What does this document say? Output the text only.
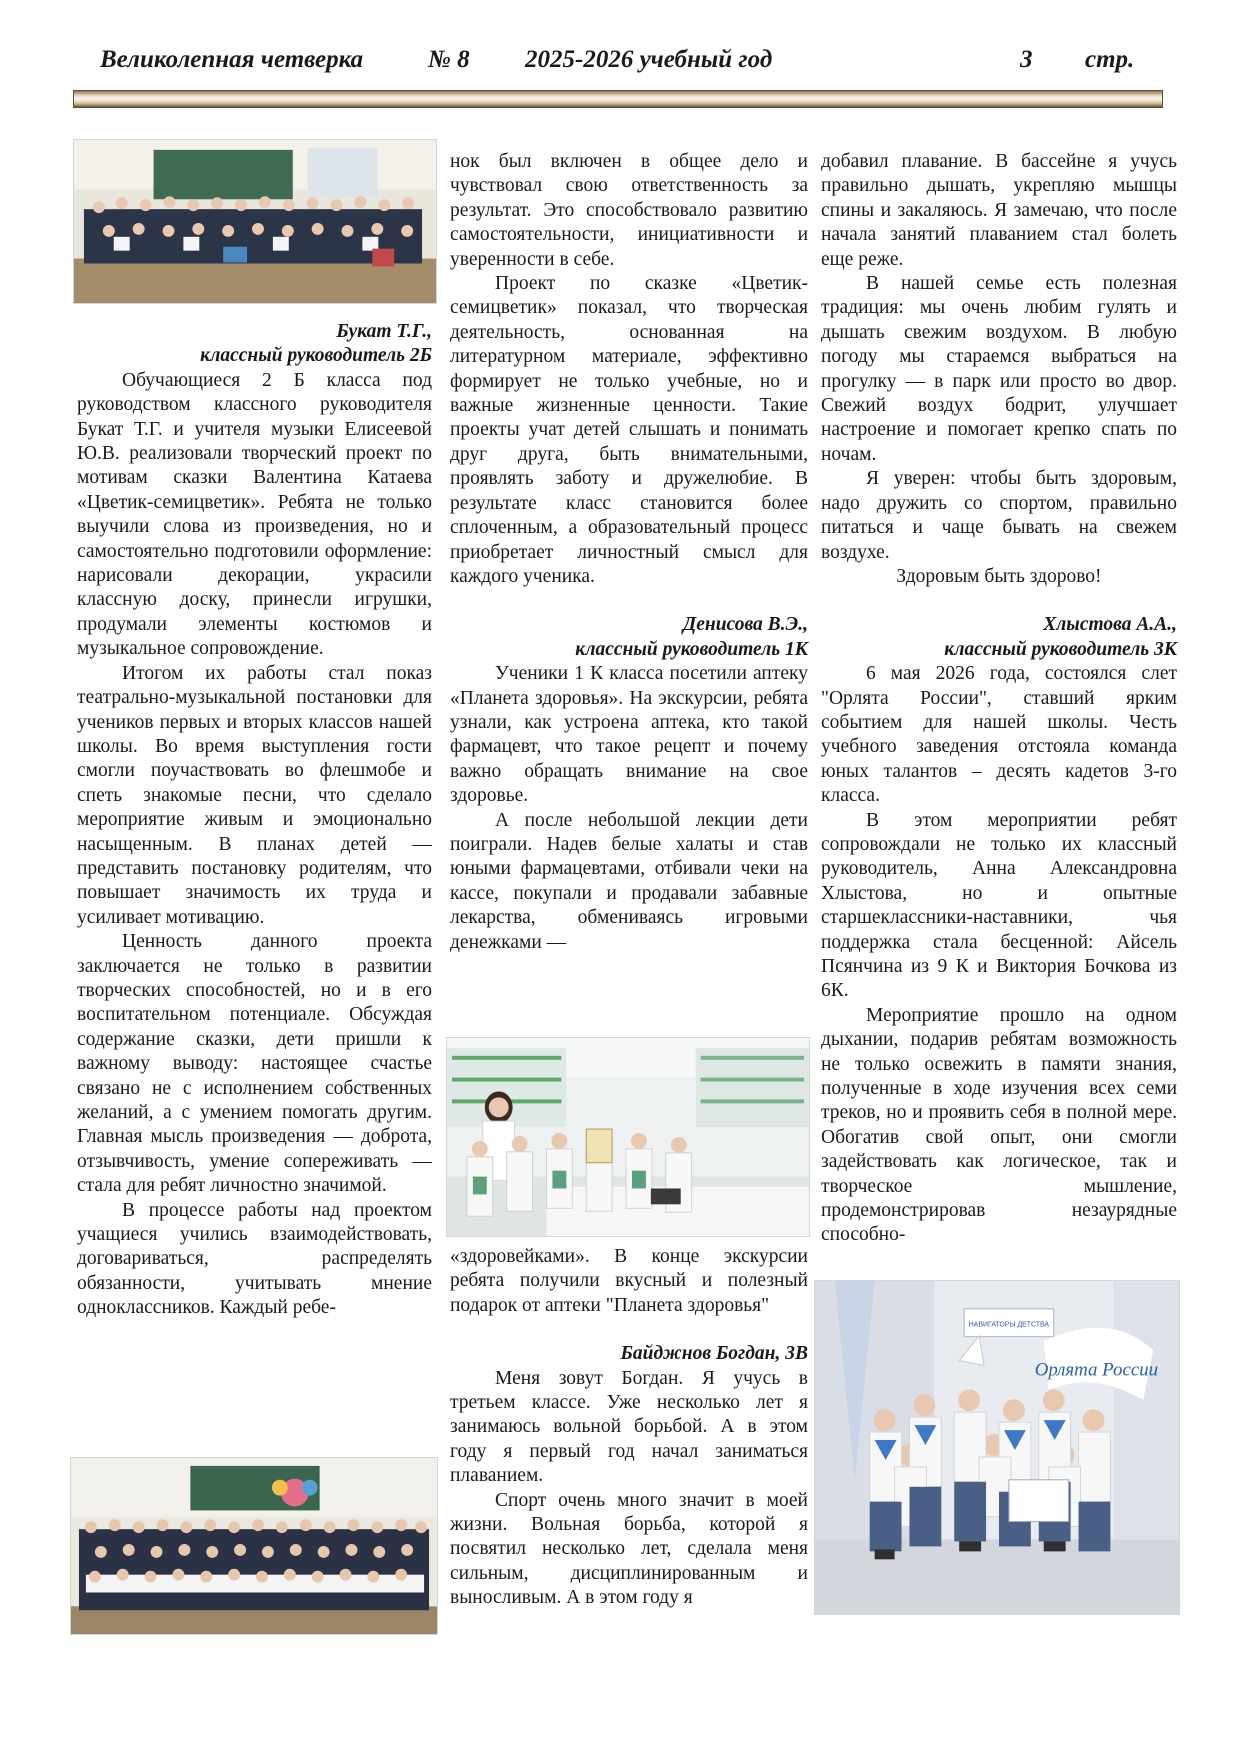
Великолепная четверка	№ 8 2025-2026 учебный год	3 стр.

Букат Т.Г.,

классный руководитель 2Б

Обучающиеся 2 Б класса под руководством классного руководителя Букат Т.Г. и учителя музыки Елисеевой Ю.В. реализовали творческий проект по мотивам сказки Валентина Катаева «Цветик-семицветик». Ребята не только выучили слова из произведения, но и самостоятельно подготовили оформление: нарисовали декорации, украсили классную доску, принесли игрушки, продумали элементы костюмов и музыкальное сопровождение.

Итогом их работы стал показ театрально-музыкальной постановки для учеников первых и вторых классов нашей школы. Во время выступления гости смогли поучаствовать во флешмобе и спеть знакомые песни, что сделало мероприятие живым и эмоционально насыщенным. В планах детей — представить постановку родителям, что повышает значимость их труда и усиливает мотивацию.

Ценность данного проекта заключается не только в развитии творческих способностей, но и в его воспитательном потенциале. Обсуждая содержание сказки, дети пришли к важному выводу: настоящее счастье связано не с исполнением собственных желаний, а с умением помогать другим. Главная мысль произведения — доброта, отзывчивость, умение сопереживать — стала для ребят личностно значимой.

В процессе работы над проектом учащиеся учились взаимодействовать, договариваться, распределять обязанности, учитывать мнение одноклассников. Каждый ребе-

нок был включен в общее дело и чувствовал свою ответственность за результат. Это способствовало развитию самостоятельности, инициативности и уверенности в себе.

Проект по сказке «Цветик-семицветик» показал, что творческая деятельность, основанная на литературном материале, эффективно формирует не только учебные, но и важные жизненные ценности. Такие проекты учат детей слышать и понимать друг друга, быть внимательными, проявлять заботу и дружелюбие. В результате класс становится более сплоченным, а образовательный процесс приобретает личностный смысл для каждого ученика.

Денисова В.Э.,

классный руководитель 1К

Ученики 1 К класса посетили аптеку «Планета здоровья». На экскурсии, ребята узнали, как устроена аптека, кто такой фармацевт, что такое рецепт и почему важно обращать внимание на свое здоровье.

А после небольшой лекции дети поиграли. Надев белые халаты и став юными фармацевтами, отбивали чеки на кассе, покупали и продавали забавные лекарства, обмениваясь игровыми денежками —

«здоровейками». В конце экскурсии ребята получили вкусный и полезный подарок от аптеки "Планета здоровья"

Байджнов Богдан, 3В

Меня зовут Богдан. Я учусь в третьем классе. Уже несколько лет я занимаюсь вольной борьбой. А в этом году я первый год начал заниматься плаванием.

Спорт очень много значит в моей жизни. Вольная борьба, которой я посвятил несколько лет, сделала меня сильным, дисциплинированным и выносливым. А в этом году я

добавил плавание. В бассейне я учусь правильно дышать, укрепляю мышцы спины и закаляюсь. Я замечаю, что после начала занятий плаванием стал болеть еще реже.

В нашей семье есть полезная традиция: мы очень любим гулять и дышать свежим воздухом. В любую погоду мы стараемся выбраться на прогулку — в парк или просто во двор. Свежий воздух бодрит, улучшает настроение и помогает крепко спать по ночам.

Я уверен: чтобы быть здоровым, надо дружить со спортом, правильно питаться и чаще бывать на свежем воздухе.

Здоровым быть здорово!

Хлыстова А.А.,

классный руководитель 3К

6 мая 2026 года, состоялся слет "Орлята России", ставший ярким событием для нашей школы. Честь учебного заведения отстояла команда юных талантов – десять кадетов 3-го класса.

В этом мероприятии ребят сопровождали не только их классный руководитель, Анна Александровна Хлыстова, но и опытные старшеклассники-наставники, чья поддержка стала бесценной: Айсель Псянчина из 9 К и Виктория Бочкова из 6К.

Мероприятие прошло на одном дыхании, подарив ребятам возможность не только освежить в памяти знания, полученные в ходе изучения всех семи треков, но и проявить себя в полной мере. Обогатив свой опыт, они смогли задействовать как логическое, так и творческое мышление, продемонстрировав незаурядные способно-

Орлята России
НАВИГАТОРЫ ДЕТСТВА
